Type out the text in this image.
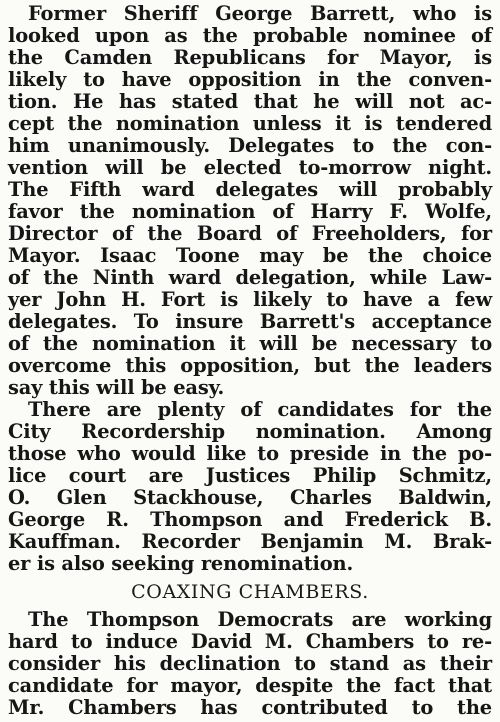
Former Sheriff George Barrett, who is
looked upon as the probable nominee of
the Camden Republicans for Mayor, is
likely to have opposition in the conven-
tion. He has stated that he will not ac-
cept the nomination unless it is tendered
him unanimously. Delegates to the con-
vention will be elected to-morrow night.
The Fifth ward delegates will probably
favor the nomination of Harry F. Wolfe,
Director of the Board of Freeholders, for
Mayor. Isaac Toone may be the choice
of the Ninth ward delegation, while Law-
yer John H. Fort is likely to have a few
delegates. To insure Barrett's acceptance
of the nomination it will be necessary to
overcome this opposition, but the leaders
say this will be easy.
There are plenty of candidates for the
City Recordership nomination. Among
those who would like to preside in the po-
lice court are Justices Philip Schmitz,
O. Glen Stackhouse, Charles Baldwin,
George R. Thompson and Frederick B.
Kauffman. Recorder Benjamin M. Brak-
er is also seeking renomination.
COAXING CHAMBERS.
The Thompson Democrats are working
hard to induce David M. Chambers to re-
consider his declination to stand as their
candidate for mayor, despite the fact that
Mr. Chambers has contributed to the
